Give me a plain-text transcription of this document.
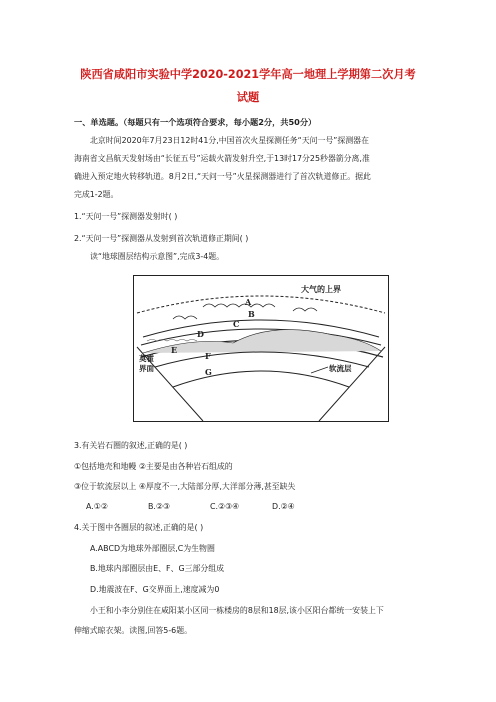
陕西省咸阳市实验中学2020-2021学年高一地理上学期第二次月考
试题
一、单选题。（每题只有一个选项符合要求，每小题2分，共50分）
北京时间2020年7月23日12时41分,中国首次火星探测任务“天问一号”探测器在
海南省文昌航天发射场由“长征五号”运载火箭发射升空,于13时17分25秒器箭分离,准
确进入预定地火转移轨道。8月2日,“天问一号”火星探测器进行了首次轨道修正。据此
完成1-2题。
1.“天问一号”探测器发射时( )
2.“天问一号”探测器从发射到首次轨道修正期间( )
读“地球圈层结构示意图”,完成3-4题。
大气的上界
A
B
C
D
E
F
G
莫霍
界面	软流层
3.有关岩石圈的叙述,正确的是( )
①包括地壳和地幔 ②主要是由各种岩石组成的
③位于软流层以上 ④厚度不一,大陆部分厚,大洋部分薄,甚至缺失
A.①②	B.②③	C.②③④	D.②④
4.关于图中各圈层的叙述,正确的是( )
A.ABCD为地球外部圈层,C为生物圈
B.地球内部圈层由E、F、G三部分组成
D.地震波在F、G交界面上,速度减为0
小王和小李分别住在咸阳某小区同一栋楼房的8层和18层,该小区阳台都统一安装上下
伸缩式晾衣架。读图,回答5-6题。
